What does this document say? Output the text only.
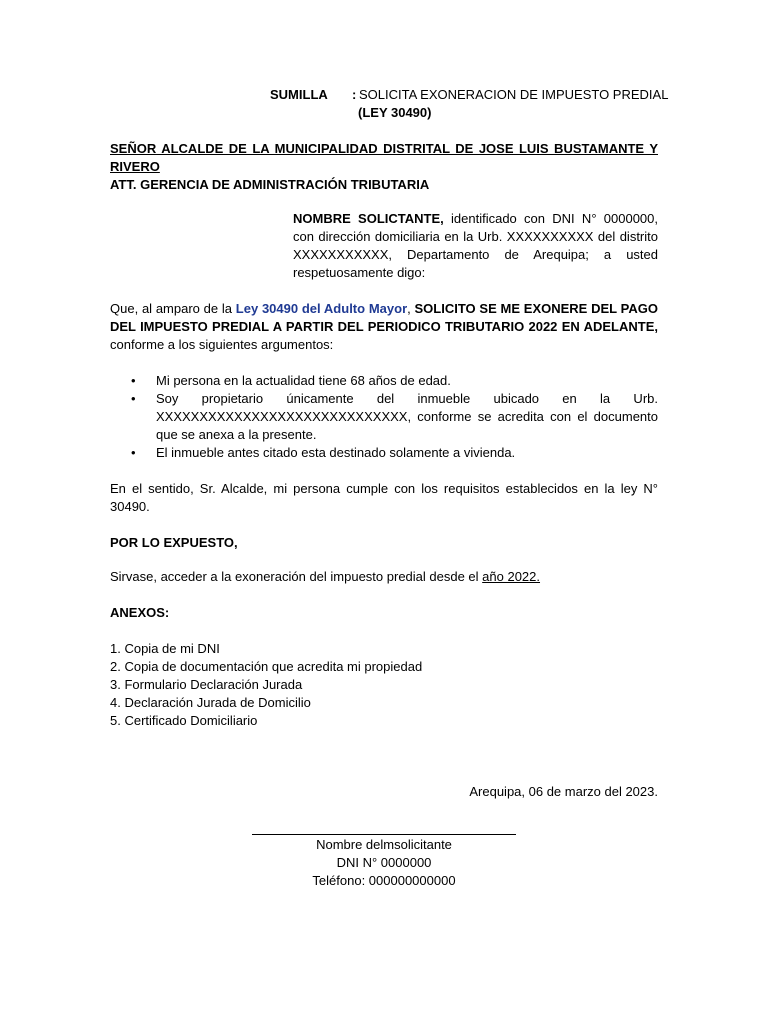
SUMILLA : SOLICITA EXONERACION DE IMPUESTO PREDIAL
(LEY 30490)
SEÑOR ALCALDE DE LA MUNICIPALIDAD DISTRITAL DE JOSE LUIS BUSTAMANTE Y RIVERO
ATT. GERENCIA DE ADMINISTRACIÓN TRIBUTARIA
NOMBRE SOLICTANTE, identificado con DNI N° 0000000, con dirección domiciliaria en la Urb. XXXXXXXXXX del distrito XXXXXXXXXXX, Departamento de Arequipa; a usted respetuosamente digo:
Que, al amparo de la Ley 30490 del Adulto Mayor, SOLICITO SE ME EXONERE DEL PAGO DEL IMPUESTO PREDIAL A PARTIR DEL PERIODICO TRIBUTARIO 2022 EN ADELANTE, conforme a los siguientes argumentos:
• Mi persona en la actualidad tiene 68 años de edad.
• Soy propietario únicamente del inmueble ubicado en la Urb. XXXXXXXXXXXXXXXXXXXXXXXXXXXXX, conforme se acredita con el documento que se anexa a la presente.
• El inmueble antes citado esta destinado solamente a vivienda.
En el sentido, Sr. Alcalde, mi persona cumple con los requisitos establecidos en la ley N° 30490.
POR LO EXPUESTO,
Sirvase, acceder a la exoneración del impuesto predial desde el año 2022.
ANEXOS:
1. Copia de mi DNI
2. Copia de documentación que acredita mi propiedad
3. Formulario Declaración Jurada
4. Declaración Jurada de Domicilio
5. Certificado Domiciliario
Arequipa, 06 de marzo del 2023.
Nombre delmsolicitante
DNI N° 0000000
Teléfono: 000000000000
